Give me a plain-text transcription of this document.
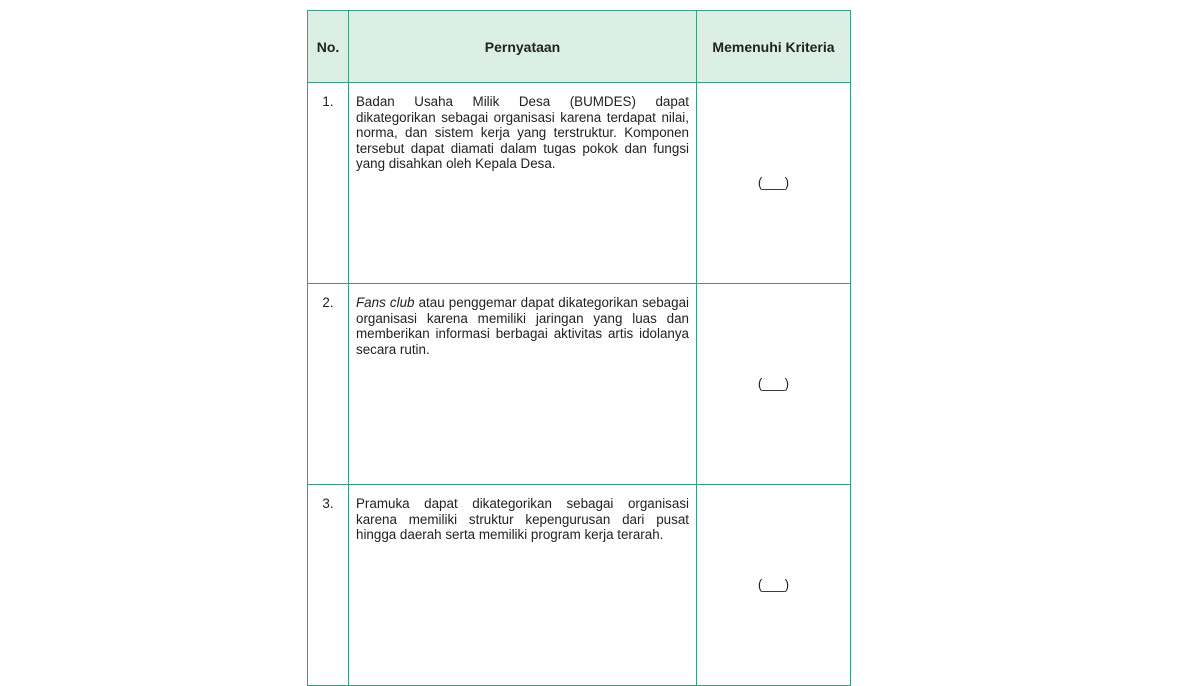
No.	Pernyataan	Memenuhi Kriteria
1.	Badan Usaha Milik Desa (BUMDES) dapat dikategorikan sebagai organisasi karena terdapat nilai, norma, dan sistem kerja yang terstruktur. Komponen tersebut dapat diamati dalam tugas pokok dan fungsi yang disahkan oleh Kepala Desa.	(___)
2.	Fans club atau penggemar dapat dikategorikan sebagai organisasi karena memiliki jaringan yang luas dan memberikan informasi berbagai aktivitas artis idolanya secara rutin.	(___)
3.	Pramuka dapat dikategorikan sebagai organisasi karena memiliki struktur kepengurusan dari pusat hingga daerah serta memiliki program kerja terarah.	(___)
